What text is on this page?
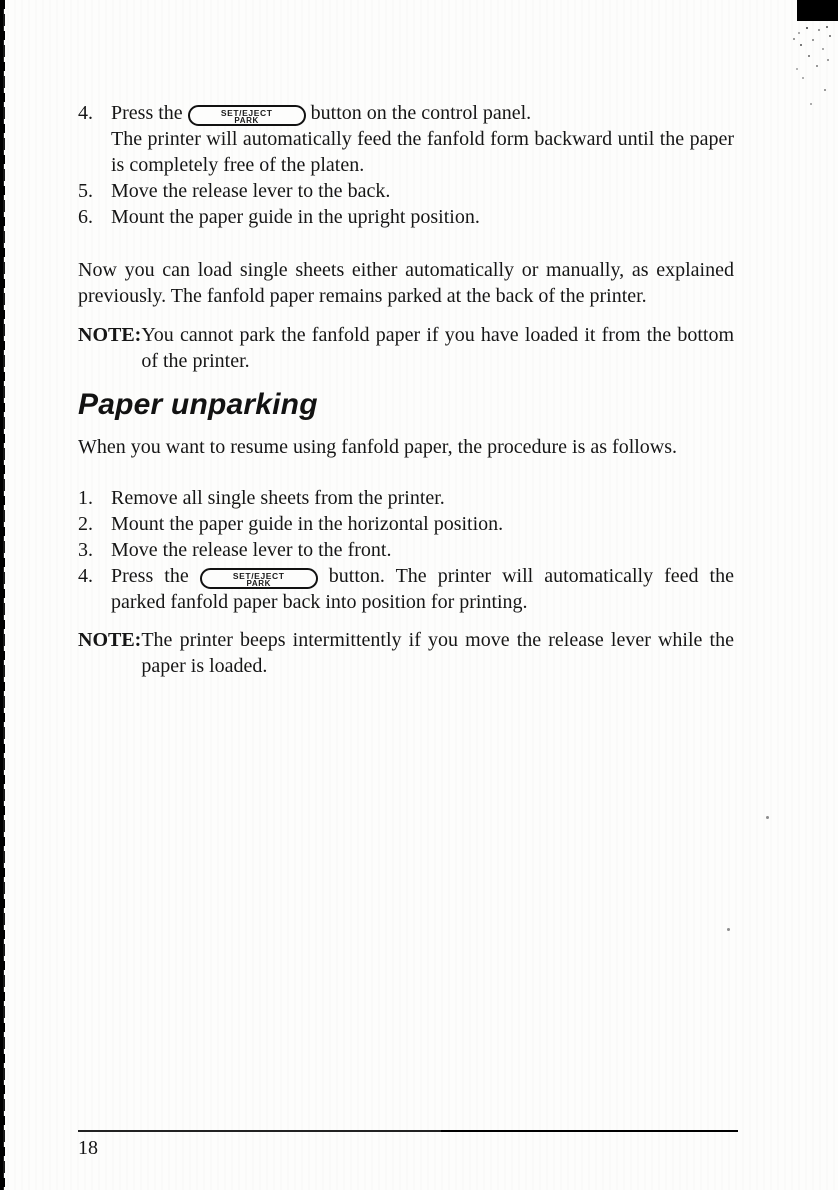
4. Press the	SET/EJECT
PARK	button on the control panel.
The printer will automatically feed the fanfold form backward until the paper is completely free of the platen.
5. Move the release lever to the back.
6. Mount the paper guide in the upright position.
Now you can load single sheets either automatically or manually, as explained previously. The fanfold paper remains parked at the back of the printer.
NOTE: You cannot park the fanfold paper if you have loaded it from the bottom of the printer.
Paper unparking
When you want to resume using fanfold paper, the procedure is as follows.
1. Remove all single sheets from the printer.
2. Mount the paper guide in the horizontal position.
3. Move the release lever to the front.
4. Press the	SET/EJECT
PARK	button. The printer will automatically feed the parked fanfold paper back into position for printing.
NOTE: The printer beeps intermittently if you move the release lever while the paper is loaded.
18
